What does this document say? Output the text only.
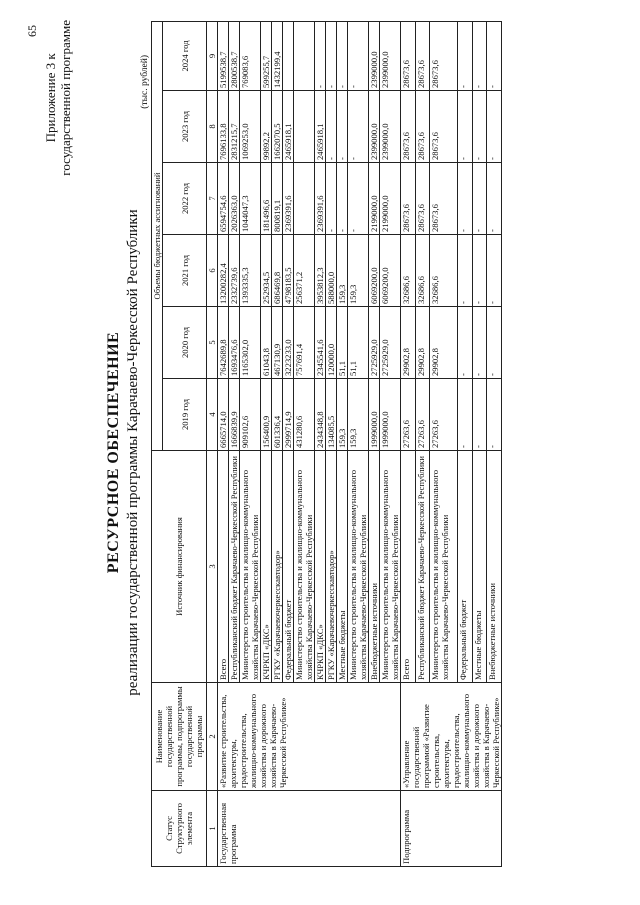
65
Приложение 3 к государственной программе
РЕСУРСНОЕ ОБЕСПЕЧЕНИЕ реализации государственной программы Карачаево-Черкесской Республики
(тыс. рублей)
Статус Структурного элемента	Наименование государственной программы, подпрограммы государственной программы	Источник финансирования	Объемы бюджетных ассигнований					
			2019 год	2020 год	2021 год	2022 год	2023 год	2024 год
1	2	3	4	5	6	7	8	9
Государственная программа	«Развитие строительства, архитектуры, градостроительства, жилищно-коммунального хозяйства и дорожного хозяйства в Карачаево-Черкесской Республике»	Всего	6665714,0	7642689,8	13200282,4	6594754,6	7696133,8	5199538,7
		Республиканский бюджет Карачаево-Черкесской Республики	1666839,9	1693476,6	2332739,6	2026363,0	2831215,7	2800538,7
		Министерство строительства и жилищно-коммунального хозяйства Карачаево-Черкесской Республики	909102,6	1165302,0	1393335,3	1044047,3	1069253,0	769083,6
		КЧРКП «ДКС»	156400,9	61043,8	252934,5	181496,6	99892,2	599255,7
		РГКУ «Карачаевочеркесскавтодор»	601336,4	467130,9	686469,8	800819,1	1662070,5	1432199,4
		Федеральный бюджет	2999714,9	3223233,0	4798183,5	2369391,6	2465918,1	
		Министерство строительства и жилищно-коммунального хозяйства Карачаево-Черкесской Республики	431280,6	757691,4	256371,2			
		КЧРКП «ДКС»	2434348,8	2345541,6	3953812,3	2369391,6	2465918,1	-
		РГКУ «Карачаевочеркесскавтодор»	134085,5	120000,0	588000,0	-	-	-
		Местные бюджеты	159,3	51,1	159,3	-	-	-
		Министерство строительства и жилищно-коммунального хозяйства Карачаево-Черкесской Республики	159,3	51,1	159,3	-	-	-
		Внебюджетные источники	1999000,0	2725929,0	6069200,0	2199000,0	2399000,0	2399000,0
		Министерство строительства и жилищно-коммунального хозяйства Карачаево-Черкесской Республики	1999000,0	2725929,0	6069200,0	2199000,0	2399000,0	2399000,0
Подпрограмма	«Управление государственной программой «Развитие строительства, архитектуры, градостроительства, жилищно-коммунального хозяйства и дорожного хозяйства в Карачаево-Черкесской Республике»	Всего	27263,6	29902,8	32686,6	28673,6	28673,6	28673,6
		Республиканский бюджет Карачаево-Черкесской Республики	27263,6	29902,8	32686,6	28673,6	28673,6	28673,6
		Министерство строительства и жилищно-коммунального хозяйства Карачаево-Черкесской Республики	27263,6	29902,8	32686,6	28673,6	28673,6	28673,6
		Федеральный бюджет	-	-	-	-	-	-
		Местные бюджеты	-	-	-	-	-	-
		Внебюджетные источники	-	-	-	-	-	-
